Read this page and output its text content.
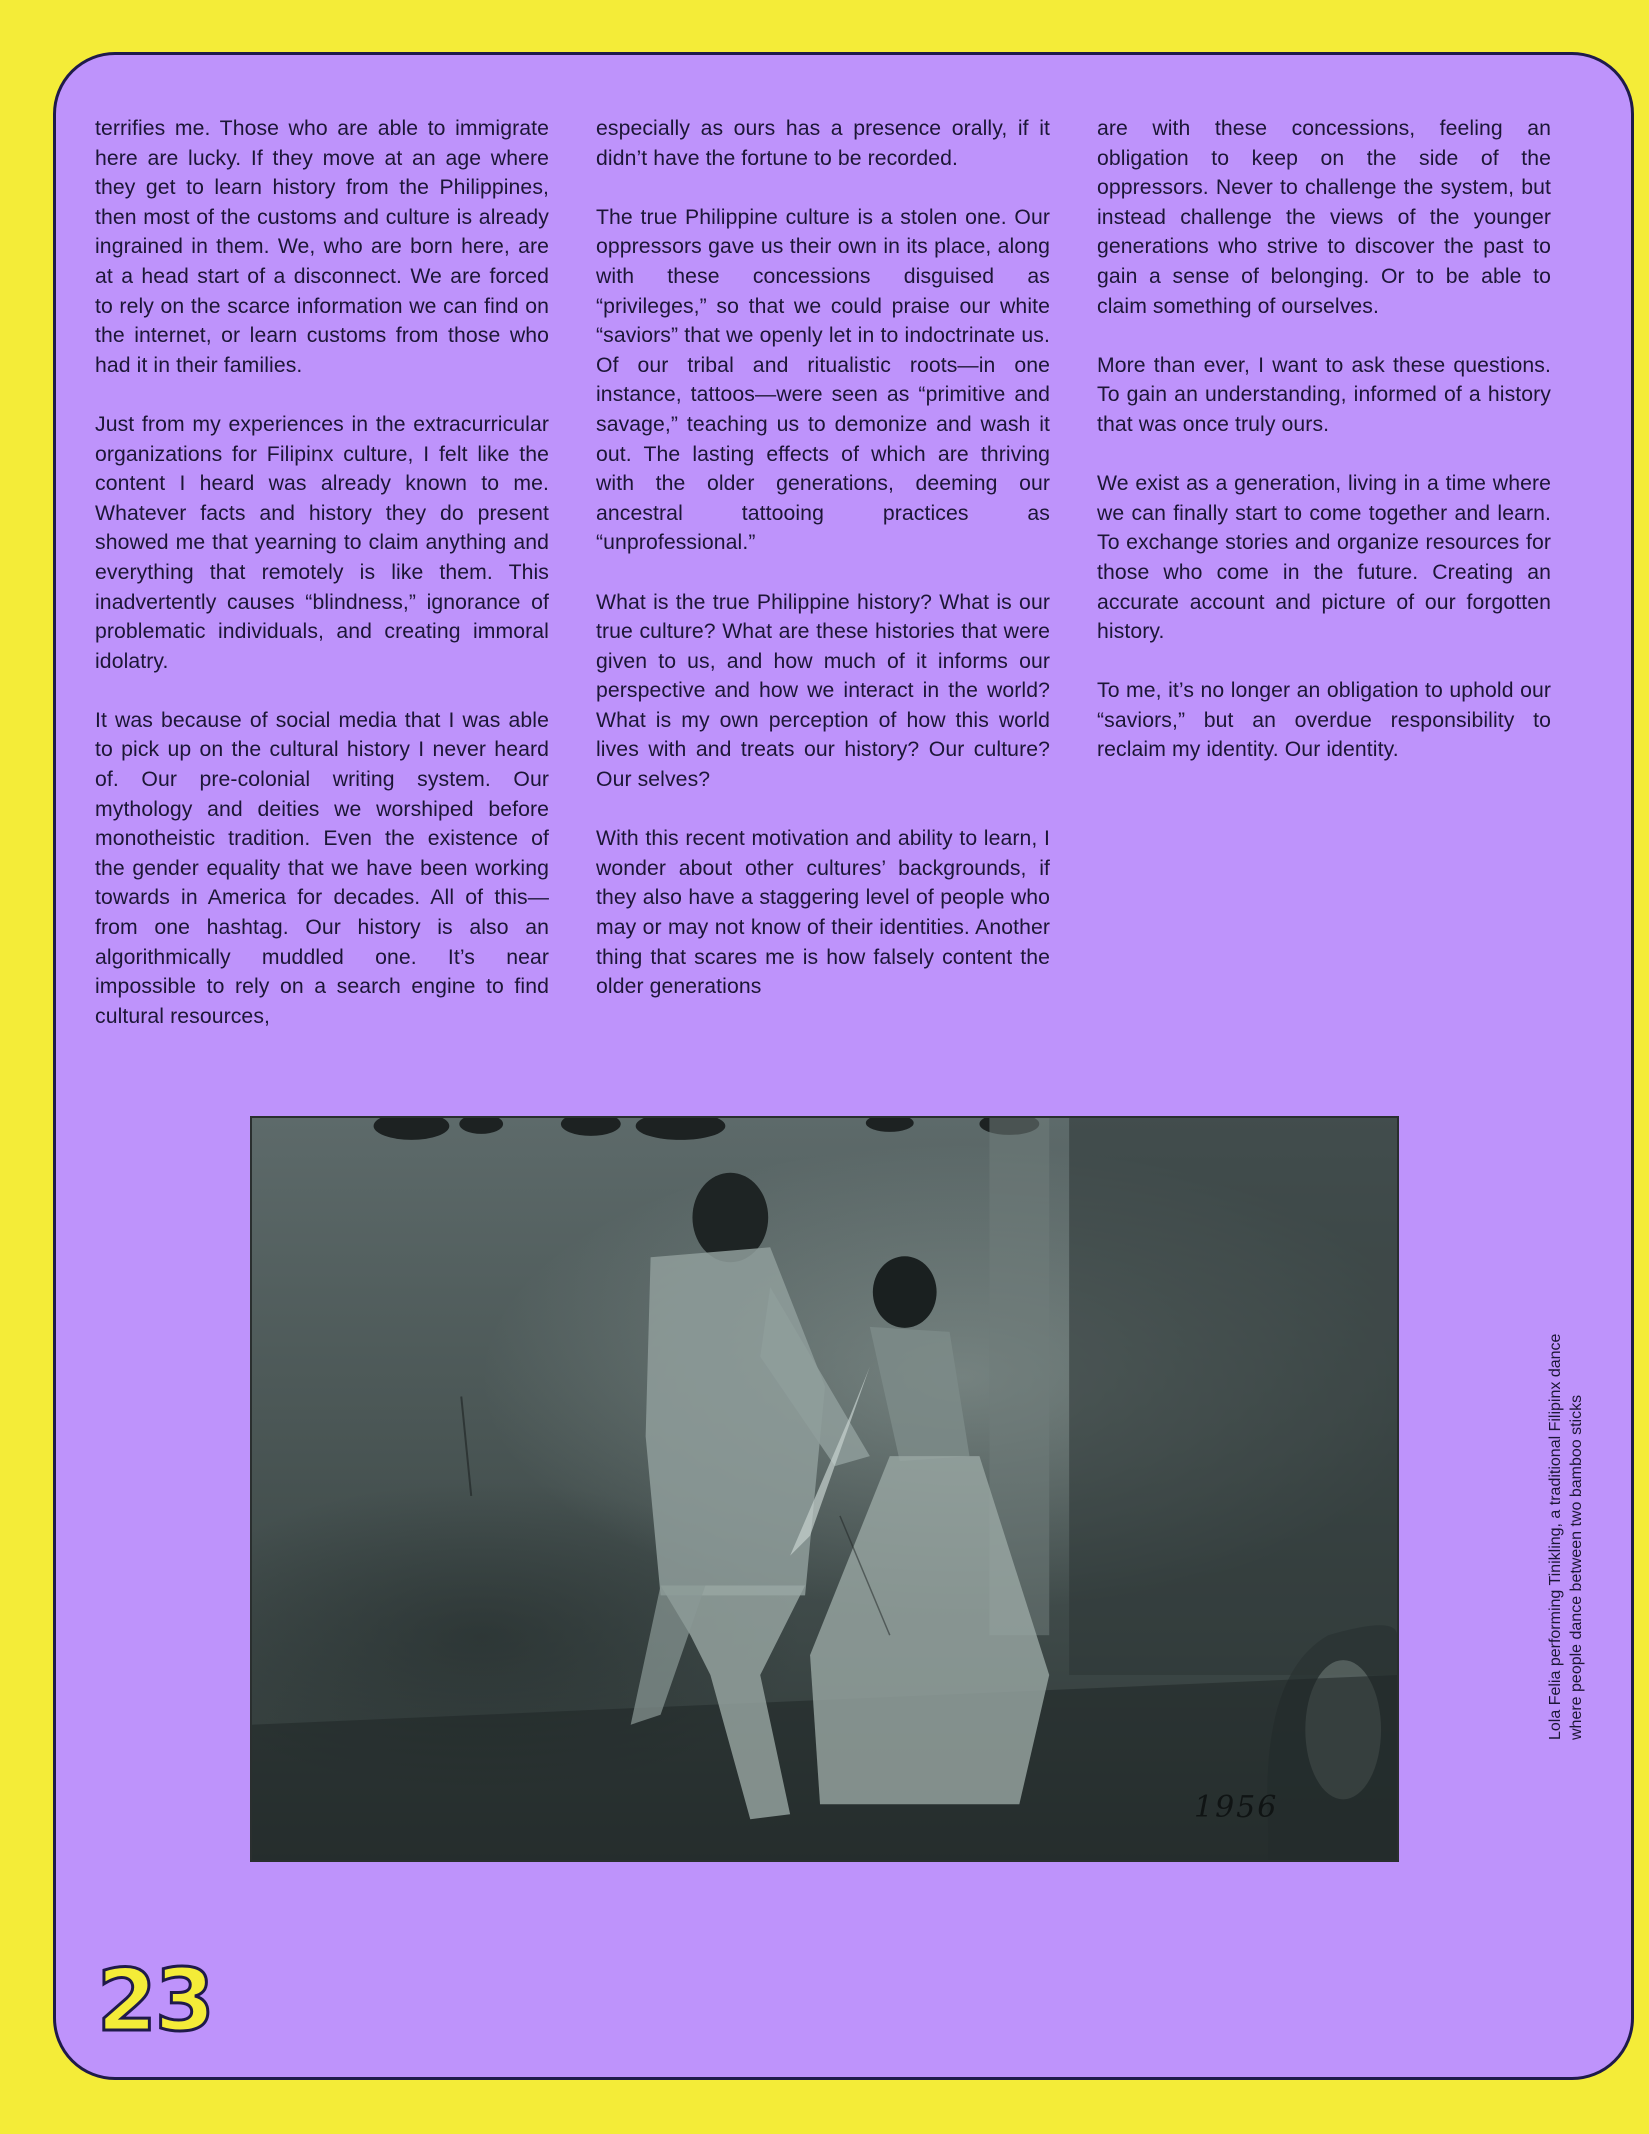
terrifies me. Those who are able to immigrate here are lucky. If they move at an age where they get to learn history from the Philippines, then most of the customs and culture is already ingrained in them. We, who are born here, are at a head start of a disconnect. We are forced to rely on the scarce information we can find on the internet, or learn customs from those who had it in their families.

Just from my experiences in the extracurricular organizations for Filipinx culture, I felt like the content I heard was already known to me. Whatever facts and history they do present showed me that yearning to claim anything and everything that remotely is like them. This inadvertently causes “blindness,” ignorance of problematic individuals, and creating immoral idolatry.

It was because of social media that I was able to pick up on the cultural history I never heard of. Our pre-colonial writing system. Our mythology and deities we worshiped before monotheistic tradition. Even the existence of the gender equality that we have been working towards in America for decades. All of this—from one hashtag. Our history is also an algorithmically muddled one. It’s near impossible to rely on a search engine to find cultural resources,

especially as ours has a presence orally, if it didn’t have the fortune to be recorded.

The true Philippine culture is a stolen one. Our oppressors gave us their own in its place, along with these concessions disguised as “privileges,” so that we could praise our white “saviors” that we openly let in to indoctrinate us. Of our tribal and ritualistic roots—in one instance, tattoos—were seen as “primitive and savage,” teaching us to demonize and wash it out. The lasting effects of which are thriving with the older generations, deeming our ancestral tattooing practices as “unprofessional.”

What is the true Philippine history? What is our true culture? What are these histories that were given to us, and how much of it informs our perspective and how we interact in the world? What is my own perception of how this world lives with and treats our history? Our culture? Our selves?

With this recent motivation and ability to learn, I wonder about other cultures’ backgrounds, if they also have a staggering level of people who may or may not know of their identities. Another thing that scares me is how falsely content the older generations

are with these concessions, feeling an obligation to keep on the side of the oppressors. Never to challenge the system, but instead challenge the views of the younger generations who strive to discover the past to gain a sense of belonging. Or to be able to claim something of ourselves.

More than ever, I want to ask these questions. To gain an understanding, informed of a history that was once truly ours.

We exist as a generation, living in a time where we can finally start to come together and learn. To exchange stories and organize resources for those who come in the future. Creating an accurate account and picture of our forgotten history.

To me, it’s no longer an obligation to uphold our “saviors,” but an overdue responsibility to reclaim my identity. Our identity.

1956
Lola Felia performing Tinikling, a traditional Filipinx dance where people dance between two bamboo sticks
23
